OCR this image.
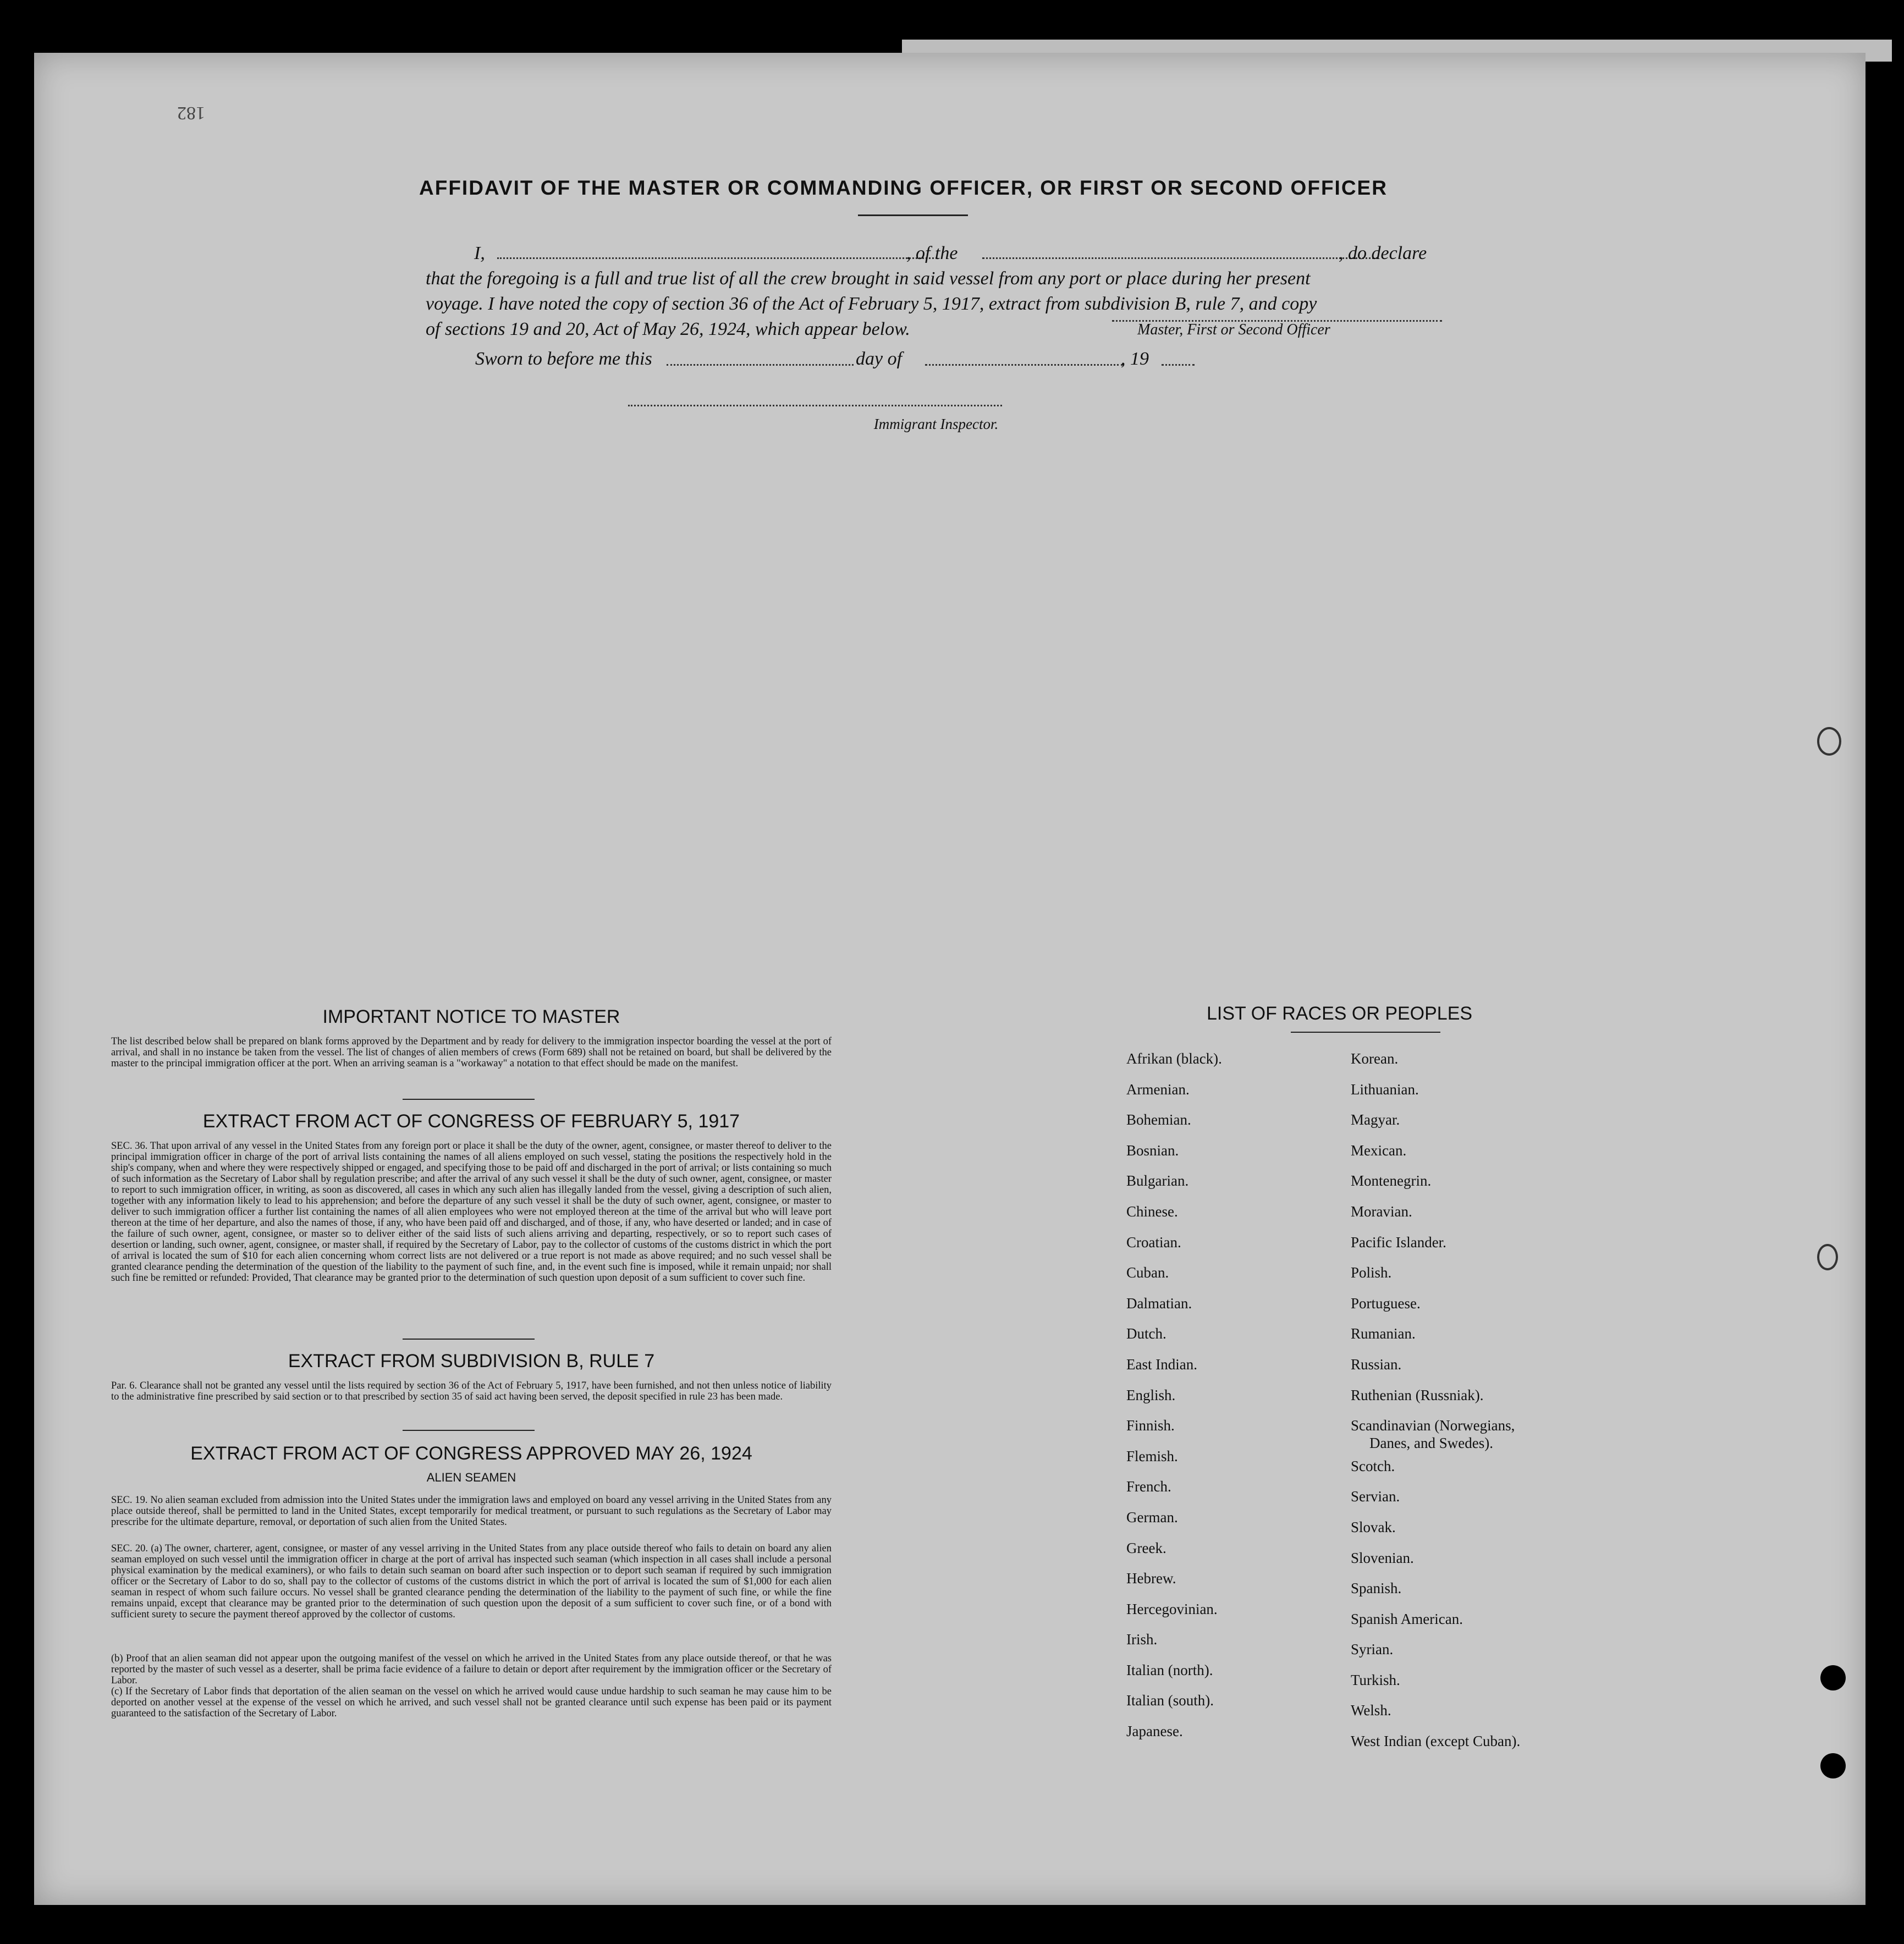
182
AFFIDAVIT OF THE MASTER OR COMMANDING OFFICER, OR FIRST OR SECOND OFFICER
I,	, of the	, do declare
that the foregoing is a full and true list of all the crew brought in said vessel from any port or place during her present
voyage. I have noted the copy of section 36 of the Act of February 5, 1917, extract from subdivision B, rule 7, and copy
of sections 19 and 20, Act of May 26, 1924, which appear below.	Master, First or Second Officer
Sworn to before me this	day of	, 19
Immigrant Inspector.
IMPORTANT NOTICE TO MASTER
The list described below shall be prepared on blank forms approved by the Department and by ready for delivery to the immigration inspector boarding the vessel at the port of arrival, and shall in no instance be taken from the vessel. The list of changes of alien members of crews (Form 689) shall not be retained on board, but shall be delivered by the master to the principal immigration officer at the port. When an arriving seaman is a "workaway" a notation to that effect should be made on the manifest.
EXTRACT FROM ACT OF CONGRESS OF FEBRUARY 5, 1917
SEC. 36. That upon arrival of any vessel in the United States from any foreign port or place it shall be the duty of the owner, agent, consignee, or master thereof to deliver to the principal immigration officer in charge of the port of arrival lists containing the names of all aliens employed on such vessel, stating the positions the respectively hold in the ship's company, when and where they were respectively shipped or engaged, and specifying those to be paid off and discharged in the port of arrival; or lists containing so much of such information as the Secretary of Labor shall by regulation prescribe; and after the arrival of any such vessel it shall be the duty of such owner, agent, consignee, or master to report to such immigration officer, in writing, as soon as discovered, all cases in which any such alien has illegally landed from the vessel, giving a description of such alien, together with any information likely to lead to his apprehension; and before the departure of any such vessel it shall be the duty of such owner, agent, consignee, or master to deliver to such immigration officer a further list containing the names of all alien employees who were not employed thereon at the time of the arrival but who will leave port thereon at the time of her departure, and also the names of those, if any, who have been paid off and discharged, and of those, if any, who have deserted or landed; and in case of the failure of such owner, agent, consignee, or master so to deliver either of the said lists of such aliens arriving and departing, respectively, or so to report such cases of desertion or landing, such owner, agent, consignee, or master shall, if required by the Secretary of Labor, pay to the collector of customs of the customs district in which the port of arrival is located the sum of $10 for each alien concerning whom correct lists are not delivered or a true report is not made as above required; and no such vessel shall be granted clearance pending the determination of the question of the liability to the payment of such fine, and, in the event such fine is imposed, while it remain unpaid; nor shall such fine be remitted or refunded: Provided, That clearance may be granted prior to the determination of such question upon deposit of a sum sufficient to cover such fine.
EXTRACT FROM SUBDIVISION B, RULE 7
Par. 6. Clearance shall not be granted any vessel until the lists required by section 36 of the Act of February 5, 1917, have been furnished, and not then unless notice of liability to the administrative fine prescribed by said section or to that prescribed by section 35 of said act having been served, the deposit specified in rule 23 has been made.
EXTRACT FROM ACT OF CONGRESS APPROVED MAY 26, 1924
ALIEN SEAMEN
SEC. 19. No alien seaman excluded from admission into the United States under the immigration laws and employed on board any vessel arriving in the United States from any place outside thereof, shall be permitted to land in the United States, except temporarily for medical treatment, or pursuant to such regulations as the Secretary of Labor may prescribe for the ultimate departure, removal, or deportation of such alien from the United States.
SEC. 20. (a) The owner, charterer, agent, consignee, or master of any vessel arriving in the United States from any place outside thereof who fails to detain on board any alien seaman employed on such vessel until the immigration officer in charge at the port of arrival has inspected such seaman (which inspection in all cases shall include a personal physical examination by the medical examiners), or who fails to detain such seaman on board after such inspection or to deport such seaman if required by such immigration officer or the Secretary of Labor to do so, shall pay to the collector of customs of the customs district in which the port of arrival is located the sum of $1,000 for each alien seaman in respect of whom such failure occurs. No vessel shall be granted clearance pending the determination of the liability to the payment of such fine, or while the fine remains unpaid, except that clearance may be granted prior to the determination of such question upon the deposit of a sum sufficient to cover such fine, or of a bond with sufficient surety to secure the payment thereof approved by the collector of customs.
(b) Proof that an alien seaman did not appear upon the outgoing manifest of the vessel on which he arrived in the United States from any place outside thereof, or that he was reported by the master of such vessel as a deserter, shall be prima facie evidence of a failure to detain or deport after requirement by the immigration officer or the Secretary of Labor.
(c) If the Secretary of Labor finds that deportation of the alien seaman on the vessel on which he arrived would cause undue hardship to such seaman he may cause him to be deported on another vessel at the expense of the vessel on which he arrived, and such vessel shall not be granted clearance until such expense has been paid or its payment guaranteed to the satisfaction of the Secretary of Labor.
LIST OF RACES OR PEOPLES
Afrikan (black).
Armenian.
Bohemian.
Bosnian.
Bulgarian.
Chinese.
Croatian.
Cuban.
Dalmatian.
Dutch.
East Indian.
English.
Finnish.
Flemish.
French.
German.
Greek.
Hebrew.
Hercegovinian.
Irish.
Italian (north).
Italian (south).
Japanese.
Korean.
Lithuanian.
Magyar.
Mexican.
Montenegrin.
Moravian.
Pacific Islander.
Polish.
Portuguese.
Rumanian.
Russian.
Ruthenian (Russniak).
Scandinavian (Norwegians,
Danes, and Swedes).
Scotch.
Servian.
Slovak.
Slovenian.
Spanish.
Spanish American.
Syrian.
Turkish.
Welsh.
West Indian (except Cuban).
